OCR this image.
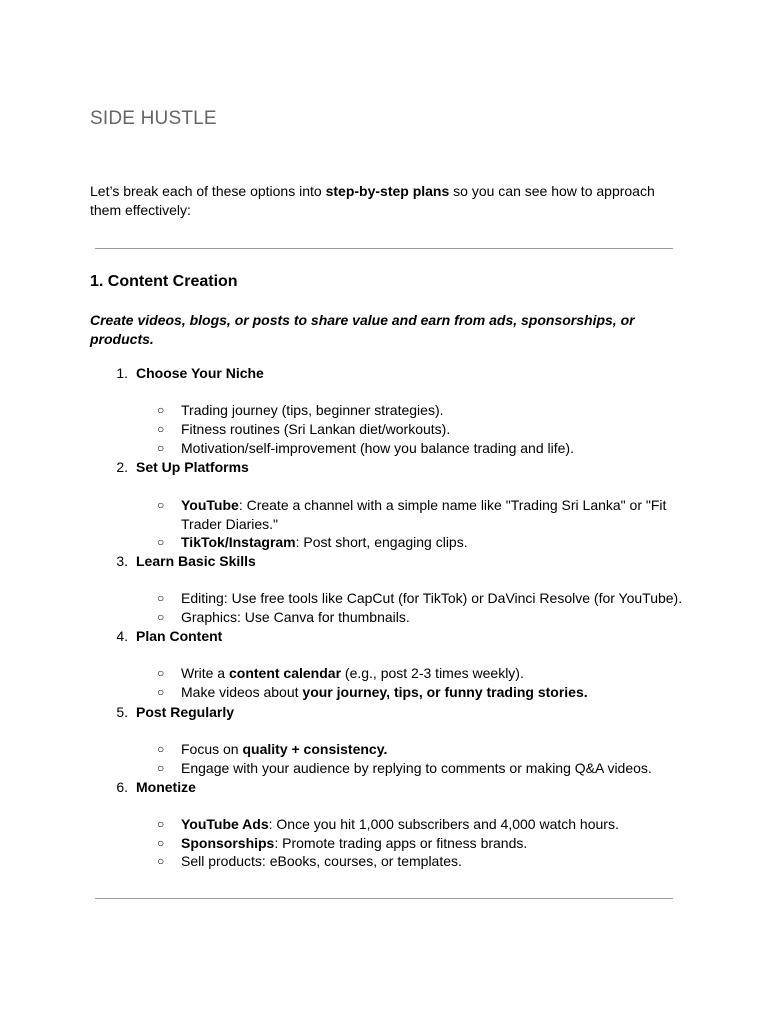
SIDE HUSTLE
Let’s break each of these options into step-by-step plans so you can see how to approach
them effectively:
1. Content Creation
Create videos, blogs, or posts to share value and earn from ads, sponsorships, or
products.
1. Choose Your Niche
○ Trading journey (tips, beginner strategies).
○ Fitness routines (Sri Lankan diet/workouts).
○ Motivation/self-improvement (how you balance trading and life).
2. Set Up Platforms
○ YouTube: Create a channel with a simple name like "Trading Sri Lanka" or "Fit
Trader Diaries."
○ TikTok/Instagram: Post short, engaging clips.
3. Learn Basic Skills
○ Editing: Use free tools like CapCut (for TikTok) or DaVinci Resolve (for YouTube).
○ Graphics: Use Canva for thumbnails.
4. Plan Content
○ Write a content calendar (e.g., post 2-3 times weekly).
○ Make videos about your journey, tips, or funny trading stories.
5. Post Regularly
○ Focus on quality + consistency.
○ Engage with your audience by replying to comments or making Q&A videos.
6. Monetize
○ YouTube Ads: Once you hit 1,000 subscribers and 4,000 watch hours.
○ Sponsorships: Promote trading apps or fitness brands.
○ Sell products: eBooks, courses, or templates.
